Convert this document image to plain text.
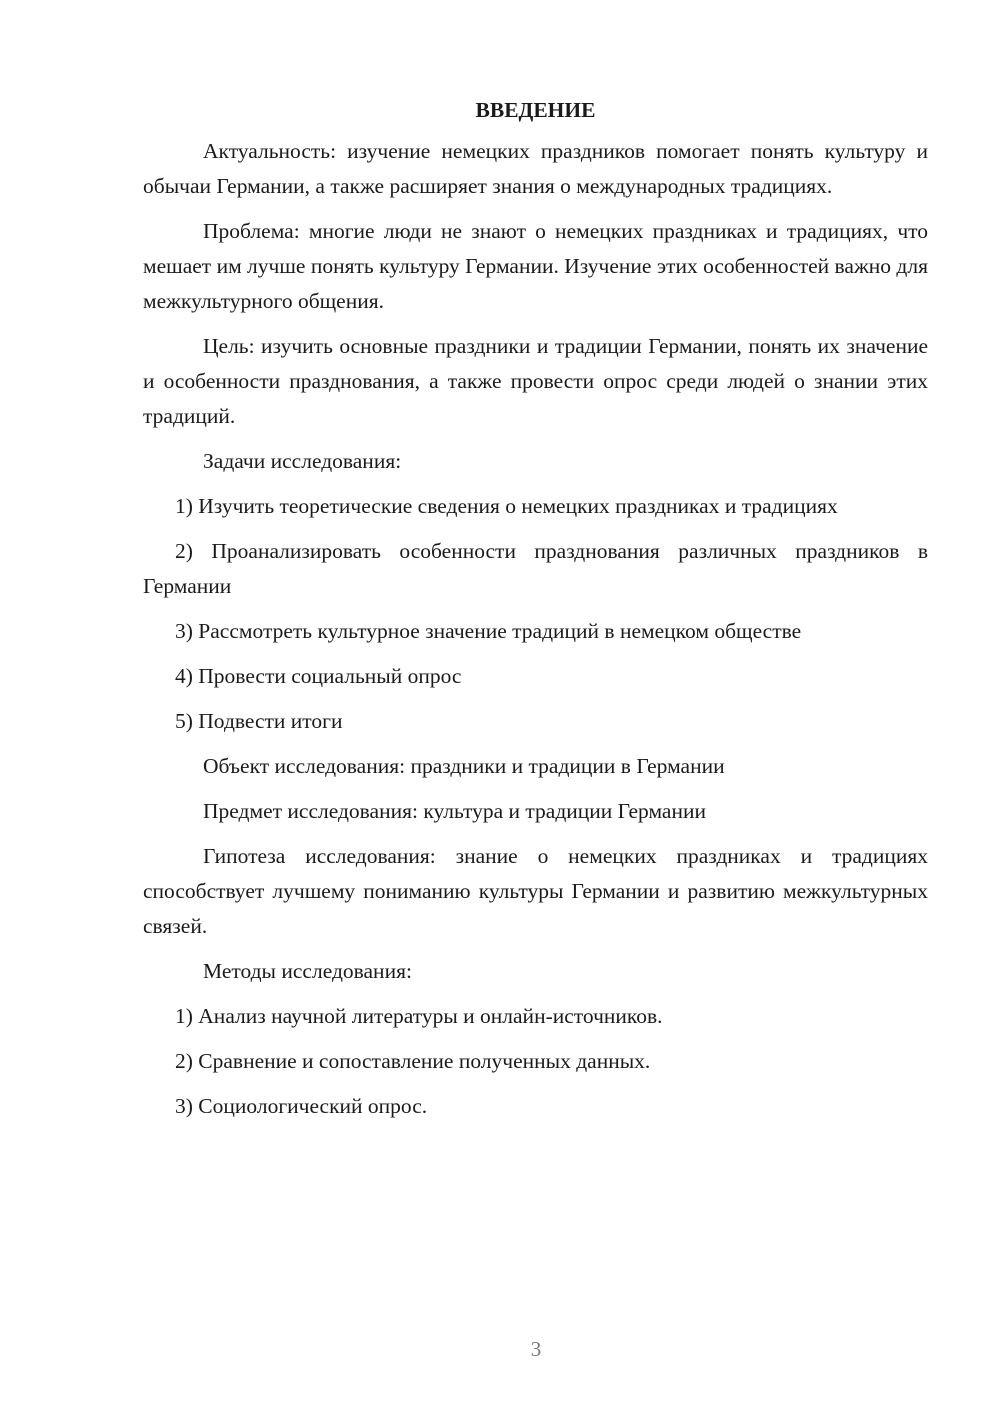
ВВЕДЕНИЕ

Актуальность: изучение немецких праздников помогает понять культуру и обычаи Германии, а также расширяет знания о международных традициях.

Проблема: многие люди не знают о немецких праздниках и традициях, что мешает им лучше понять культуру Германии. Изучение этих особенностей важно для межкультурного общения.

Цель: изучить основные праздники и традиции Германии, понять их значение и особенности празднования, а также провести опрос среди людей о знании этих традиций.

Задачи исследования:

1) Изучить теоретические сведения о немецких праздниках и традициях

2) Проанализировать особенности празднования различных праздников в Германии

3) Рассмотреть культурное значение традиций в немецком обществе

4) Провести социальный опрос

5) Подвести итоги

Объект исследования: праздники и традиции в Германии

Предмет исследования: культура и традиции Германии

Гипотеза исследования: знание о немецких праздниках и традициях способствует лучшему пониманию культуры Германии и развитию межкультурных связей.

Методы исследования:

1) Анализ научной литературы и онлайн-источников.

2) Сравнение и сопоставление полученных данных.

3) Социологический опрос.

3
